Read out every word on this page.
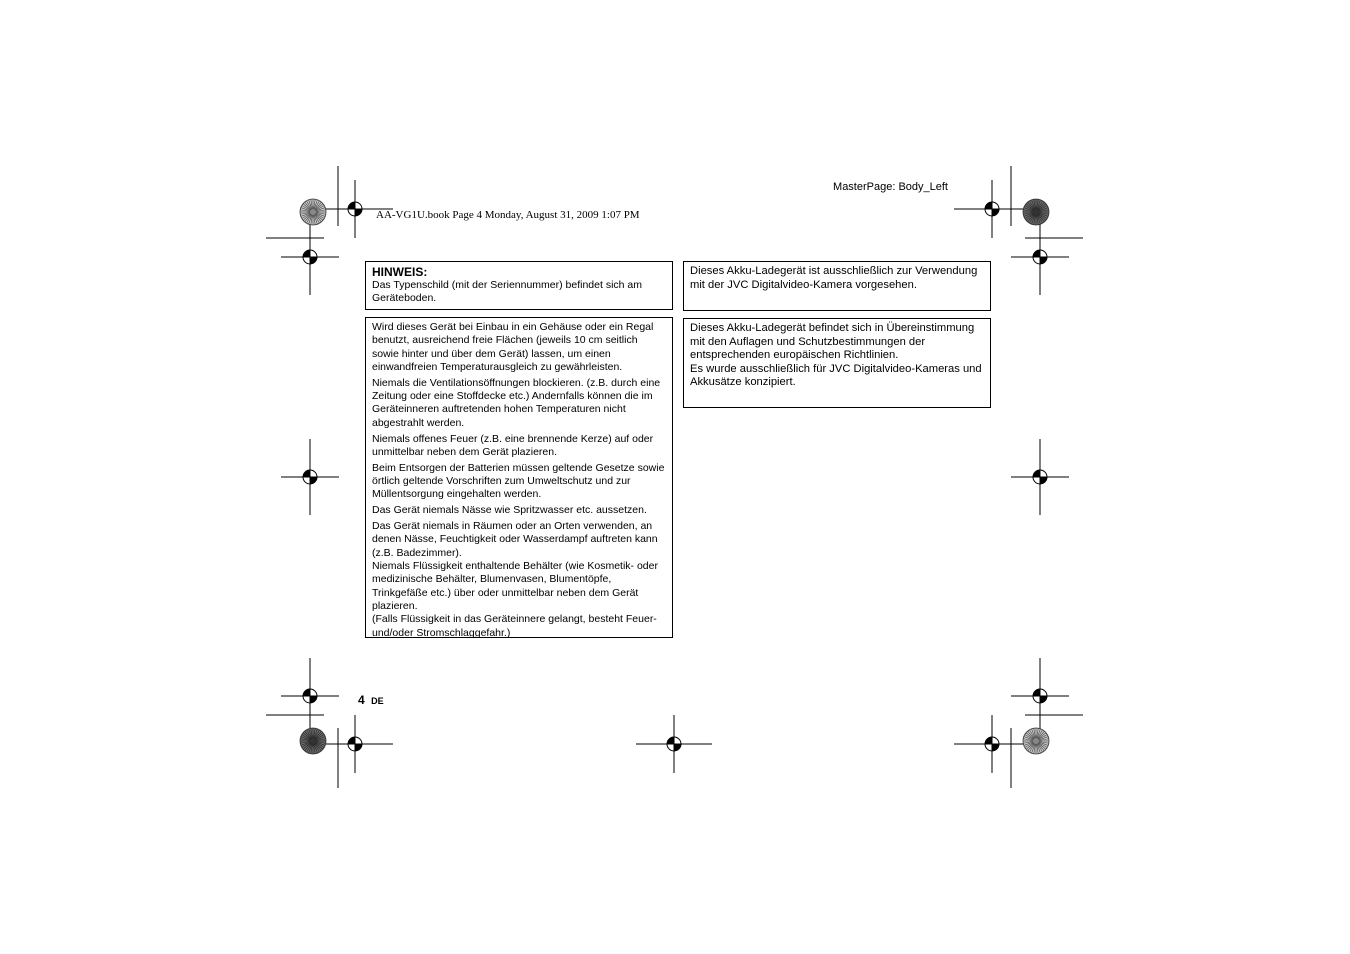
MasterPage: Body_Left
AA-VG1U.book Page 4 Monday, August 31, 2009 1:07 PM
HINWEIS:
Das Typenschild (mit der Seriennummer) befindet sich am Geräteboden.

Wird dieses Gerät bei Einbau in ein Gehäuse oder ein Regal benutzt, ausreichend freie Flächen (jeweils 10 cm seitlich sowie hinter und über dem Gerät) lassen, um einen einwandfreien Temperaturausgleich zu gewährleisten.

Niemals die Ventilationsöffnungen blockieren. (z.B. durch eine Zeitung oder eine Stoffdecke etc.) Andernfalls können die im Geräteinneren auftretenden hohen Temperaturen nicht abgestrahlt werden.

Niemals offenes Feuer (z.B. eine brennende Kerze) auf oder unmittelbar neben dem Gerät plazieren.

Beim Entsorgen der Batterien müssen geltende Gesetze sowie örtlich geltende Vorschriften zum Umweltschutz und zur Müllentsorgung eingehalten werden.

Das Gerät niemals Nässe wie Spritzwasser etc. aussetzen.

Das Gerät niemals in Räumen oder an Orten verwenden, an denen Nässe, Feuchtigkeit oder Wasserdampf auftreten kann (z.B. Badezimmer).

Niemals Flüssigkeit enthaltende Behälter (wie Kosmetik- oder medizinische Behälter, Blumenvasen, Blumentöpfe, Trinkgefäße etc.) über oder unmittelbar neben dem Gerät plazieren.

(Falls Flüssigkeit in das Geräteinnere gelangt, besteht Feuer- und/oder Stromschlaggefahr.)

Dieses Akku-Ladegerät ist ausschließlich zur Verwendung mit der JVC Digitalvideo-Kamera vorgesehen.
Dieses Akku-Ladegerät befindet sich in Übereinstimmung mit den Auflagen und Schutzbestimmungen der entsprechenden europäischen Richtlinien.
Es wurde ausschließlich für JVC Digitalvideo-Kameras und Akkusätze konzipiert.
4 DE
